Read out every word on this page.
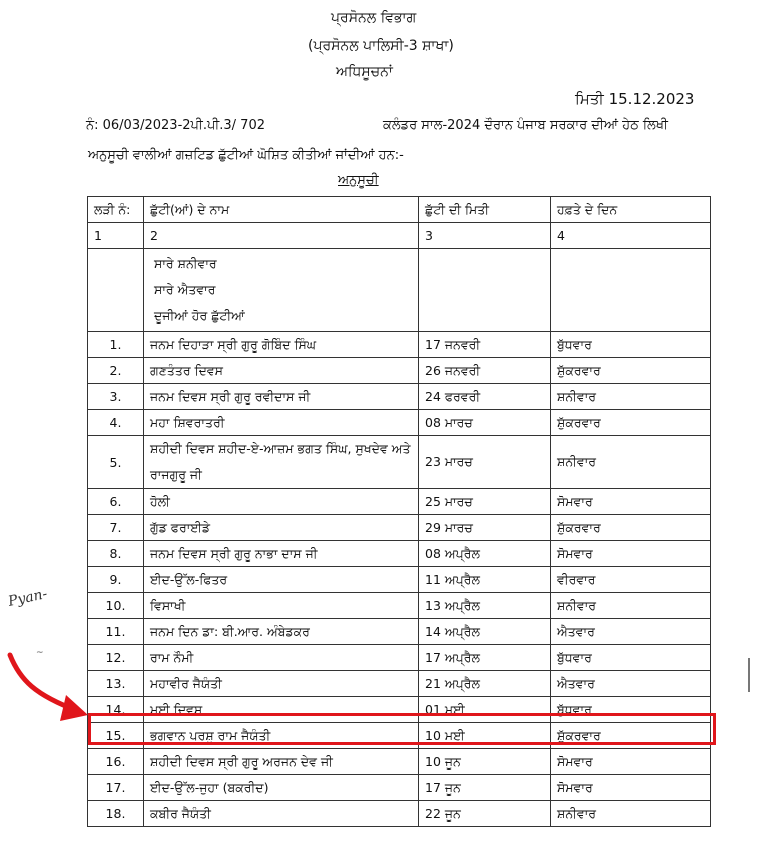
ਪ੍ਰਸੋਨਲ ਵਿਭਾਗ
(ਪ੍ਰਸੋਨਲ ਪਾਲਿਸੀ-3 ਸ਼ਾਖਾ)
ਅਧਿਸੂਚਨਾਂ
ਮਿਤੀ 15.12.2023
ਨੰ: 06/03/2023-2ਪੀ.ਪੀ.3/ 702	ਕਲੰਡਰ ਸਾਲ-2024 ਦੌਰਾਨ ਪੰਜਾਬ ਸਰਕਾਰ ਦੀਆਂ ਹੇਠ ਲਿਖੀ
ਅਨੁਸੂਚੀ ਵਾਲੀਆਂ ਗਜ਼ਟਿਡ ਛੁੱਟੀਆਂ ਘੋਸ਼ਿਤ ਕੀਤੀਆਂ ਜਾਂਦੀਆਂ ਹਨ:-
ਅਨੁਸੂਚੀ
ਲੜੀ ਨੰ:	ਛੁੱਟੀ(ਆਂ) ਦੇ ਨਾਮ	ਛੁੱਟੀ ਦੀ ਮਿਤੀ	ਹਫ਼ਤੇ ਦੇ ਦਿਨ
1	2	3	4

	ਸਾਰੇ ਸ਼ਨੀਵਾਰ
ਸਾਰੇ ਐਤਵਾਰ
ਦੂਜੀਆਂ ਹੋਰ ਛੁੱਟੀਆਂ		

1.	ਜਨਮ ਦਿਹਾੜਾ ਸ੍ਰੀ ਗੁਰੂ ਗੋਬਿੰਦ ਸਿੰਘ	17 ਜਨਵਰੀ	ਬੁੱਧਵਾਰ
2.	ਗਣਤੰਤਰ ਦਿਵਸ	26 ਜਨਵਰੀ	ਸ਼ੁੱਕਰਵਾਰ
3.	ਜਨਮ ਦਿਵਸ ਸ੍ਰੀ ਗੁਰੂ ਰਵੀਦਾਸ ਜੀ	24 ਫਰਵਰੀ	ਸ਼ਨੀਵਾਰ
4.	ਮਹਾ ਸ਼ਿਵਰਾਤਰੀ	08 ਮਾਰਚ	ਸ਼ੁੱਕਰਵਾਰ
5.	ਸ਼ਹੀਦੀ ਦਿਵਸ ਸ਼ਹੀਦ-ਏ-ਆਜ਼ਮ ਭਗਤ ਸਿੰਘ, ਸੁਖਦੇਵ ਅਤੇ ਰਾਜਗੁਰੂ ਜੀ	23 ਮਾਰਚ	ਸ਼ਨੀਵਾਰ
6.	ਹੋਲੀ	25 ਮਾਰਚ	ਸੋਮਵਾਰ
7.	ਗੁੱਡ ਫਰਾਈਡੇ	29 ਮਾਰਚ	ਸ਼ੁੱਕਰਵਾਰ
8.	ਜਨਮ ਦਿਵਸ ਸ੍ਰੀ ਗੁਰੂ ਨਾਭਾ ਦਾਸ ਜੀ	08 ਅਪ੍ਰੈਲ	ਸੋਮਵਾਰ
9.	ਈਦ-ਉੱਲ-ਫਿਤਰ	11 ਅਪ੍ਰੈਲ	ਵੀਰਵਾਰ
10.	ਵਿਸਾਖੀ	13 ਅਪ੍ਰੈਲ	ਸ਼ਨੀਵਾਰ
11.	ਜਨਮ ਦਿਨ ਡਾ: ਬੀ.ਆਰ. ਅੰਬੇਡਕਰ	14 ਅਪ੍ਰੈਲ	ਐਤਵਾਰ
12.	ਰਾਮ ਨੌਮੀ	17 ਅਪ੍ਰੈਲ	ਬੁੱਧਵਾਰ
13.	ਮਹਾਵੀਰ ਜੈਯੰਤੀ	21 ਅਪ੍ਰੈਲ	ਐਤਵਾਰ
14.	ਮਈ ਦਿਵਸ	01 ਮਈ	ਬੁੱਧਵਾਰ
15.	ਭਗਵਾਨ ਪਰਸ਼ੂ ਰਾਮ ਜੈਯੰਤੀ	10 ਮਈ	ਸ਼ੁੱਕਰਵਾਰ
16.	ਸ਼ਹੀਦੀ ਦਿਵਸ ਸ੍ਰੀ ਗੁਰੂ ਅਰਜਨ ਦੇਵ ਜੀ	10 ਜੂਨ	ਸੋਮਵਾਰ
17.	ਈਦ-ਉੱਲ-ਜੁਹਾ (ਬਕਰੀਦ)	17 ਜੂਨ	ਸੋਮਵਾਰ
18.	ਕਬੀਰ ਜੈਯੰਤੀ	22 ਜੂਨ	ਸ਼ਨੀਵਾਰ
Pyan-
~
